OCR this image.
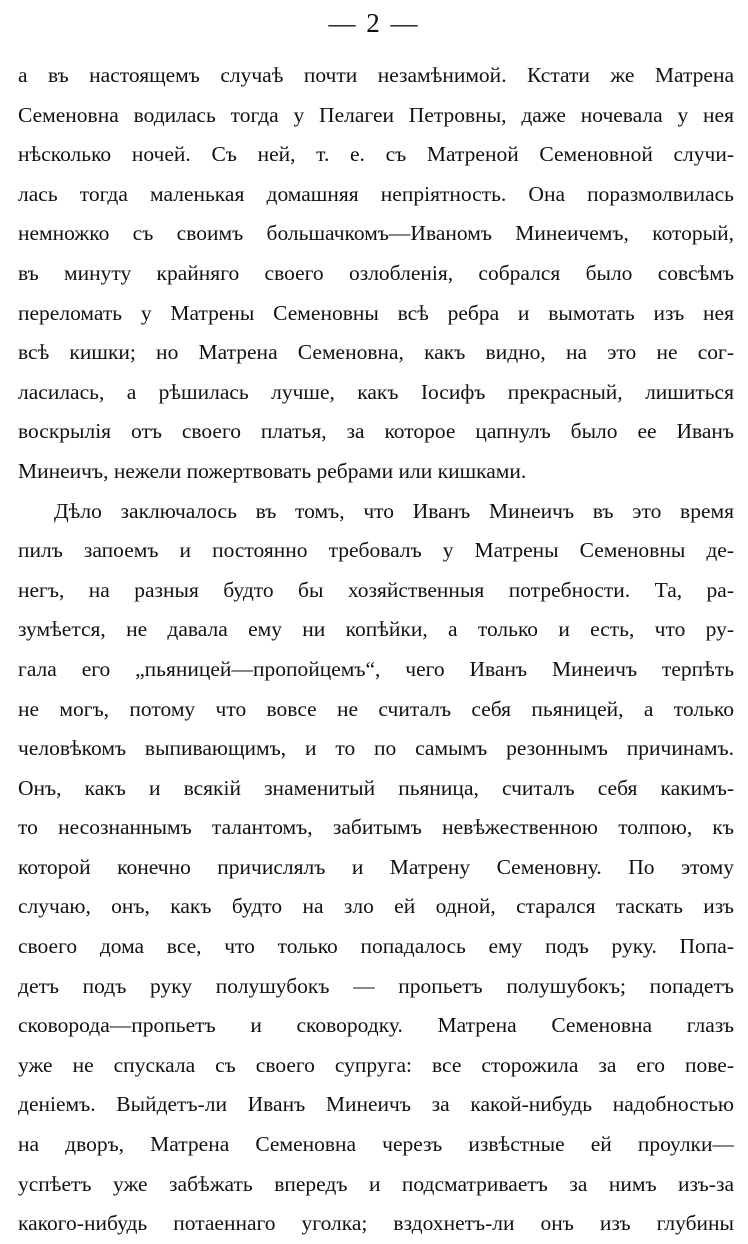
— 2 —
а въ настоящемъ случаѣ почти незамѣнимой. Кстати же Матрена
Семеновна водилась тогда у Пелагеи Петровны, даже ночевала у нея
нѣсколько ночей. Съ ней, т. е. съ Матреной Семеновной случи-
лась тогда маленькая домашняя непріятность. Она поразмолвилась
немножко съ своимъ большачкомъ—Иваномъ Минеичемъ, который,
въ минуту крайняго своего озлобленія, собрался было совсѣмъ
переломать у Матрены Семеновны всѣ ребра и вымотать изъ нея
всѣ кишки; но Матрена Семеновна, какъ видно, на это не сог-
ласилась, а рѣшилась лучше, какъ Іосифъ прекрасный, лишиться
воскрылія отъ своего платья, за которое цапнулъ было ее Иванъ
Минеичъ, нежели пожертвовать ребрами или кишками.
Дѣло заключалось въ томъ, что Иванъ Минеичъ въ это время
пилъ запоемъ и постоянно требовалъ у Матрены Семеновны де-
негъ, на разныя будто бы хозяйственныя потребности. Та, ра-
зумѣется, не давала ему ни копѣйки, а только и есть, что ру-
гала его „пьяницей—пропойцемъ“, чего Иванъ Минеичъ терпѣть
не могъ, потому что вовсе не считалъ себя пьяницей, а только
человѣкомъ выпивающимъ, и то по самымъ резоннымъ причинамъ.
Онъ, какъ и всякій знаменитый пьяница, считалъ себя какимъ-
то несознаннымъ талантомъ, забитымъ невѣжественною толпою, къ
которой конечно причислялъ и Матрену Семеновну. По этому
случаю, онъ, какъ будто на зло ей одной, старался таскать изъ
своего дома все, что только попадалось ему подъ руку. Попа-
детъ подъ руку полушубокъ — пропьетъ полушубокъ; попадетъ
сковорода—пропьетъ и сковородку. Матрена Семеновна глазъ
уже не спускала съ своего супруга: все сторожила за его пове-
деніемъ. Выйдетъ-ли Иванъ Минеичъ за какой-нибудь надобностью
на дворъ, Матрена Семеновна черезъ извѣстные ей проулки—
успѣетъ уже забѣжать впередъ и подсматриваетъ за нимъ изъ-за
какого-нибудь потаеннаго уголка; вздохнетъ-ли онъ изъ глубины
